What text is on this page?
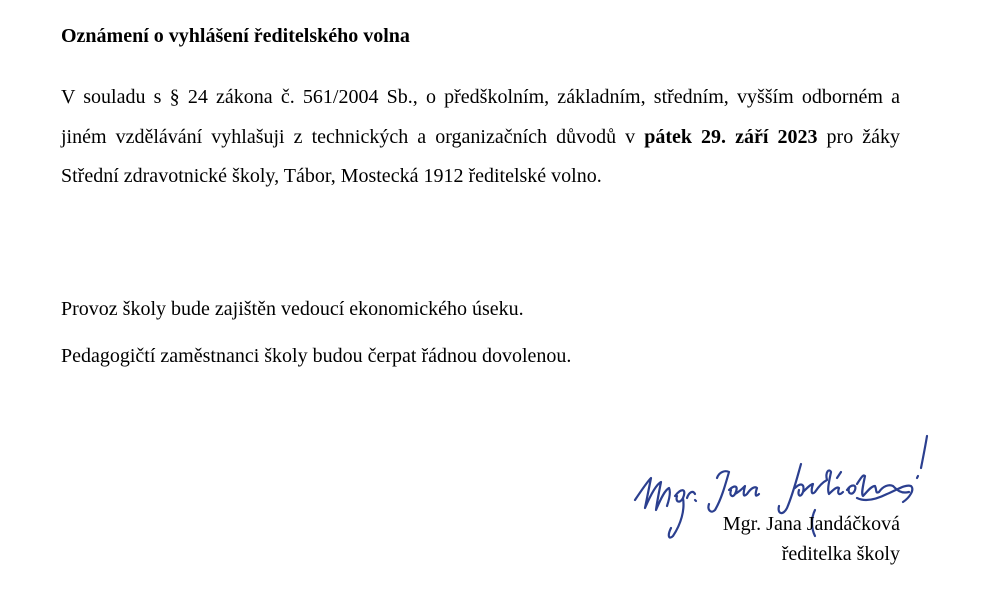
Oznámení o vyhlášení ředitelského volna
V souladu s § 24 zákona č. 561/2004 Sb., o předškolním, základním, středním, vyšším odborném a jiném vzdělávání vyhlašuji z technických a organizačních důvodů v pátek 29. září 2023 pro žáky Střední zdravotnické školy, Tábor, Mostecká 1912 ředitelské volno.
Provoz školy bude zajištěn vedoucí ekonomického úseku.
Pedagogičtí zaměstnanci školy budou čerpat řádnou dovolenou.
Mgr. Jana Jandáčková
ředitelka školy
